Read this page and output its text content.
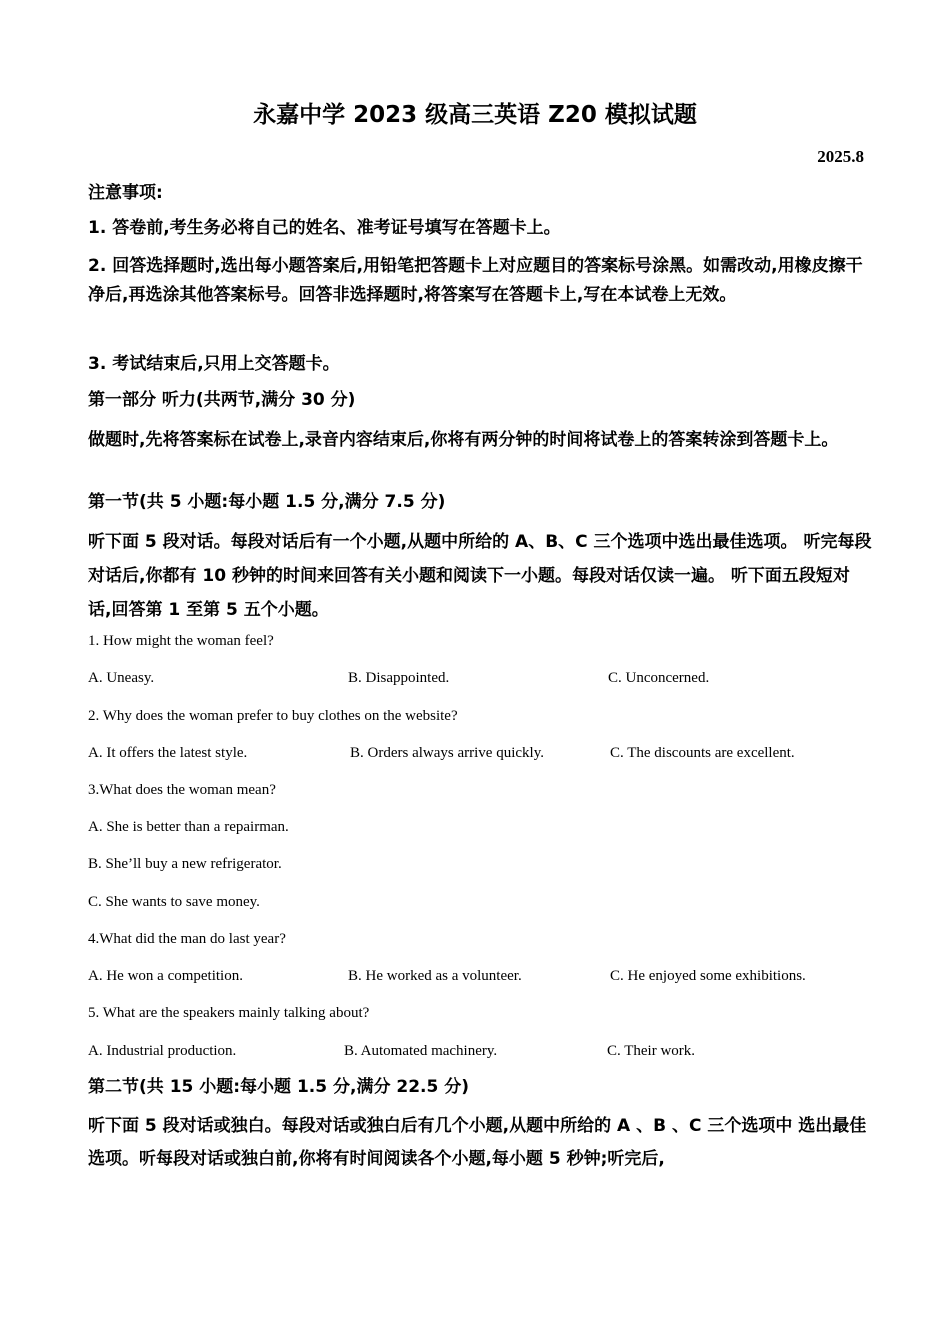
永嘉中学 2023 级高三英语 Z20 模拟试题
2025.8
注意事项:
1. 答卷前,考生务必将自己的姓名、准考证号填写在答题卡上。
2. 回答选择题时,选出每小题答案后,用铅笔把答题卡上对应题目的答案标号涂黑。如需改动,用橡皮擦干净后,再选涂其他答案标号。回答非选择题时,将答案写在答题卡上,写在本试卷上无效。
3. 考试结束后,只用上交答题卡。
第一部分 听力(共两节,满分 30 分)
做题时,先将答案标在试卷上,录音内容结束后,你将有两分钟的时间将试卷上的答案转涂到答题卡上。
第一节(共 5 小题:每小题 1.5 分,满分 7.5 分)
听下面 5 段对话。每段对话后有一个小题,从题中所给的 A、B、C 三个选项中选出最佳选项。 听完每段对话后,你都有 10 秒钟的时间来回答有关小题和阅读下一小题。每段对话仅读一遍。 听下面五段短对话,回答第 1 至第 5 五个小题。
1. How might the woman feel?
A. Uneasy.	B. Disappointed.	C. Unconcerned.
2. Why does the woman prefer to buy clothes on the website?
A. It offers the latest style.	B. Orders always arrive quickly.	C. The discounts are excellent.
3.What does the woman mean?
A. She is better than a repairman.
B. She’ll buy a new refrigerator.
C. She wants to save money.
4.What did the man do last year?
A. He won a competition.	B. He worked as a volunteer.	C. He enjoyed some exhibitions.
5. What are the speakers mainly talking about?
A. Industrial production.	B. Automated machinery.	C. Their work.
第二节(共 15 小题:每小题 1.5 分,满分 22.5 分)
听下面 5 段对话或独白。每段对话或独白后有几个小题,从题中所给的 A 、B 、C 三个选项中 选出最佳选项。听每段对话或独白前,你将有时间阅读各个小题,每小题 5 秒钟;听完后,
